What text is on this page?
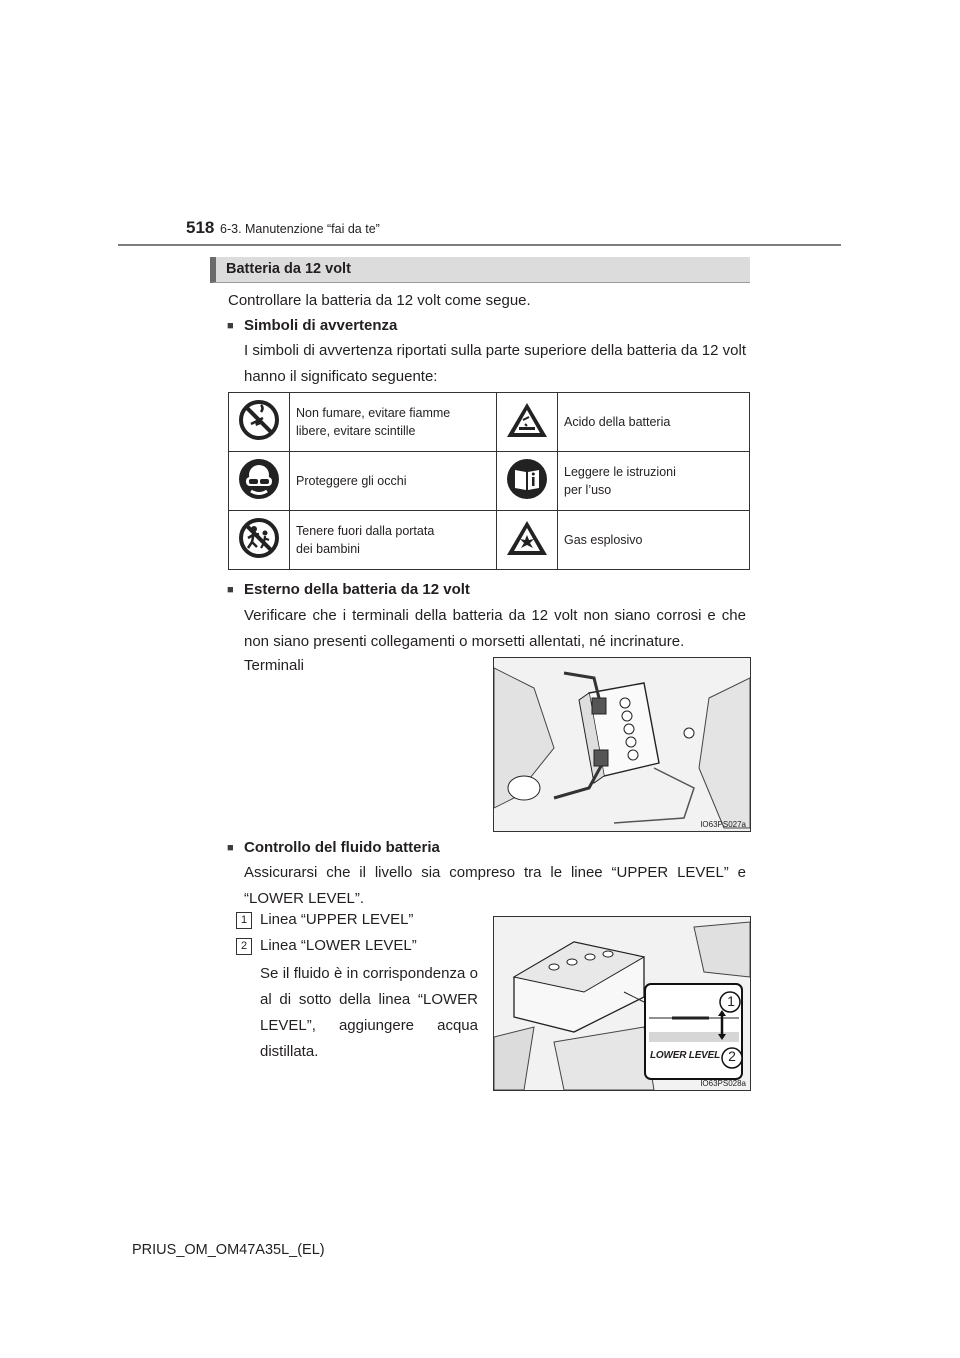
518 6-3. Manutenzione “fai da te”
Batteria da 12 volt
Controllare la batteria da 12 volt come segue.
■ Simboli di avvertenza
I simboli di avvertenza riportati sulla parte superiore della batteria da 12 volt hanno il significato seguente:

Non fumare, evitare fiamme
libere, evitare scintille		Acido della batteria

Proteggere gli occhi		Leggere le istruzioni
per l’uso

Tenere fuori dalla portata
dei bambini		Gas esplosivo
■ Esterno della batteria da 12 volt
Verificare che i terminali della batteria da 12 volt non siano corrosi e che non siano presenti collegamenti o morsetti allentati, né incrinature.
Terminali
IO63PS027a
■ Controllo del fluido batteria
Assicurarsi che il livello sia compreso tra le linee “UPPER LEVEL” e “LOWER LEVEL”.
1 Linea “UPPER LEVEL”
2 Linea “LOWER LEVEL”
Se il fluido è in corrispondenza o al di sotto della linea “LOWER LEVEL”, aggiungere acqua distillata.
1
2
LOWER LEVEL
IO63PS028a
PRIUS_OM_OM47A35L_(EL)
